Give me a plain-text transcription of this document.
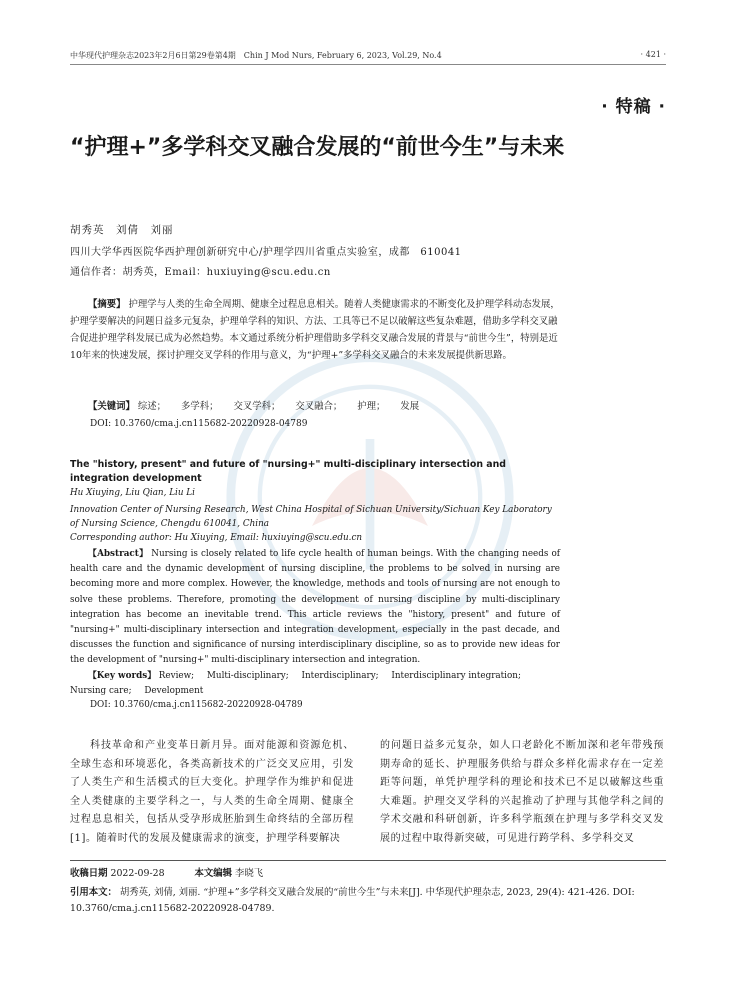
中华现代护理杂志2023年2月6日第29卷第4期　Chin J Mod Nurs, February 6, 2023, Vol.29, No.4	· 421 ·
· 特稿 ·
“护理+”多学科交叉融合发展的“前世今生”与未来
胡秀英　刘倩　刘丽
四川大学华西医院华西护理创新研究中心/护理学四川省重点实验室，成都　610041
通信作者：胡秀英，Email：huxiuying@scu.edu.cn
【摘要】 护理学与人类的生命全周期、健康全过程息息相关。随着人类健康需求的不断变化及护理学科动态发展，护理学要解决的问题日益多元复杂，护理单学科的知识、方法、工具等已不足以破解这些复杂难题，借助多学科交叉融合促进护理学科发展已成为必然趋势。本文通过系统分析护理借助多学科交叉融合发展的背景与“前世今生”，特别是近10年来的快速发展，探讨护理交叉学科的作用与意义，为“护理+”多学科交叉融合的未来发展提供新思路。
【关键词】 综述； 多学科； 交叉学科； 交叉融合； 护理； 发展
DOI: 10.3760/cma.j.cn115682-20220928-04789
The "history, present" and future of "nursing+" multi-disciplinary intersection and integration development
Hu Xiuying, Liu Qian, Liu Li
Innovation Center of Nursing Research, West China Hospital of Sichuan University/Sichuan Key Laboratory of Nursing Science, Chengdu 610041, China
Corresponding author: Hu Xiuying, Email: huxiuying@scu.edu.cn
【Abstract】 Nursing is closely related to life cycle health of human beings. With the changing needs of health care and the dynamic development of nursing discipline, the problems to be solved in nursing are becoming more and more complex. However, the knowledge, methods and tools of nursing are not enough to solve these problems. Therefore, promoting the development of nursing discipline by multi-disciplinary integration has become an inevitable trend. This article reviews the "history, present" and future of "nursing+" multi-disciplinary intersection and integration development, especially in the past decade, and discusses the function and significance of nursing interdisciplinary discipline, so as to provide new ideas for the development of "nursing+" multi-disciplinary intersection and integration.
【Key words】 Review; Multi-disciplinary; Interdisciplinary; Interdisciplinary integration; Nursing care; Development
DOI: 10.3760/cma.j.cn115682-20220928-04789
科技革命和产业变革日新月异。面对能源和资源危机、全球生态和环境恶化，各类高新技术的广泛交叉应用，引发了人类生产和生活模式的巨大变化。护理学作为维护和促进全人类健康的主要学科之一，与人类的生命全周期、健康全过程息息相关，包括从受孕形成胚胎到生命终结的全部历程[1]。随着时代的发展及健康需求的演变，护理学科要解决
的问题日益多元复杂，如人口老龄化不断加深和老年带残预期寿命的延长、护理服务供给与群众多样化需求存在一定差距等问题，单凭护理学科的理论和技术已不足以破解这些重大难题。护理交叉学科的兴起推动了护理与其他学科之间的学术交融和科研创新，许多科学瓶颈在护理与多学科交叉发展的过程中取得新突破，可见进行跨学科、多学科交叉
收稿日期 2022-09-28	本文编辑 李晓飞
引用本文： 胡秀英, 刘倩, 刘丽. “护理+”多学科交叉融合发展的“前世今生”与未来[J]. 中华现代护理杂志, 2023, 29(4): 421-426. DOI: 10.3760/cma.j.cn115682-20220928-04789.
